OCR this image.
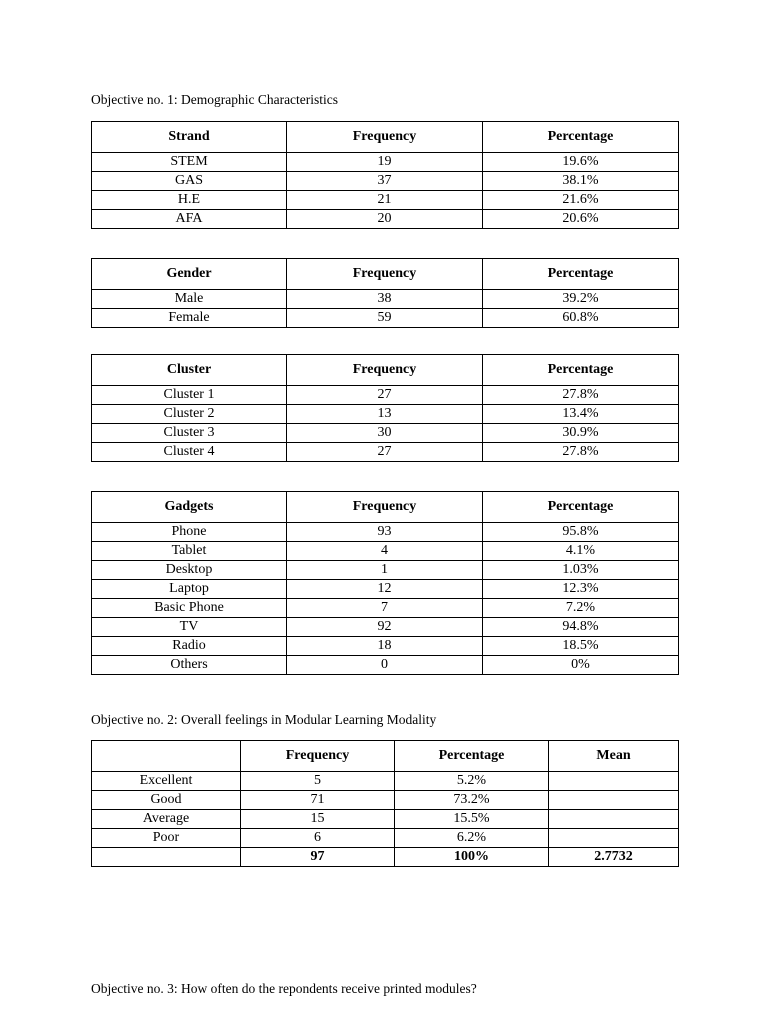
Objective no. 1: Demographic Characteristics
Strand	Frequency	Percentage
STEM	19	19.6%
GAS	37	38.1%
H.E	21	21.6%
AFA	20	20.6%
Gender	Frequency	Percentage
Male	38	39.2%
Female	59	60.8%
Cluster	Frequency	Percentage
Cluster 1	27	27.8%
Cluster 2	13	13.4%
Cluster 3	30	30.9%
Cluster 4	27	27.8%
Gadgets	Frequency	Percentage
Phone	93	95.8%
Tablet	4	4.1%
Desktop	1	1.03%
Laptop	12	12.3%
Basic Phone	7	7.2%
TV	92	94.8%
Radio	18	18.5%
Others	0	0%
Objective no. 2: Overall feelings in Modular Learning Modality
	Frequency	Percentage	Mean
Excellent	5	5.2%	
Good	71	73.2%	
Average	15	15.5%	
Poor	6	6.2%	
	97	100%	2.7732
Objective no. 3: How often do the repondents receive printed modules?
